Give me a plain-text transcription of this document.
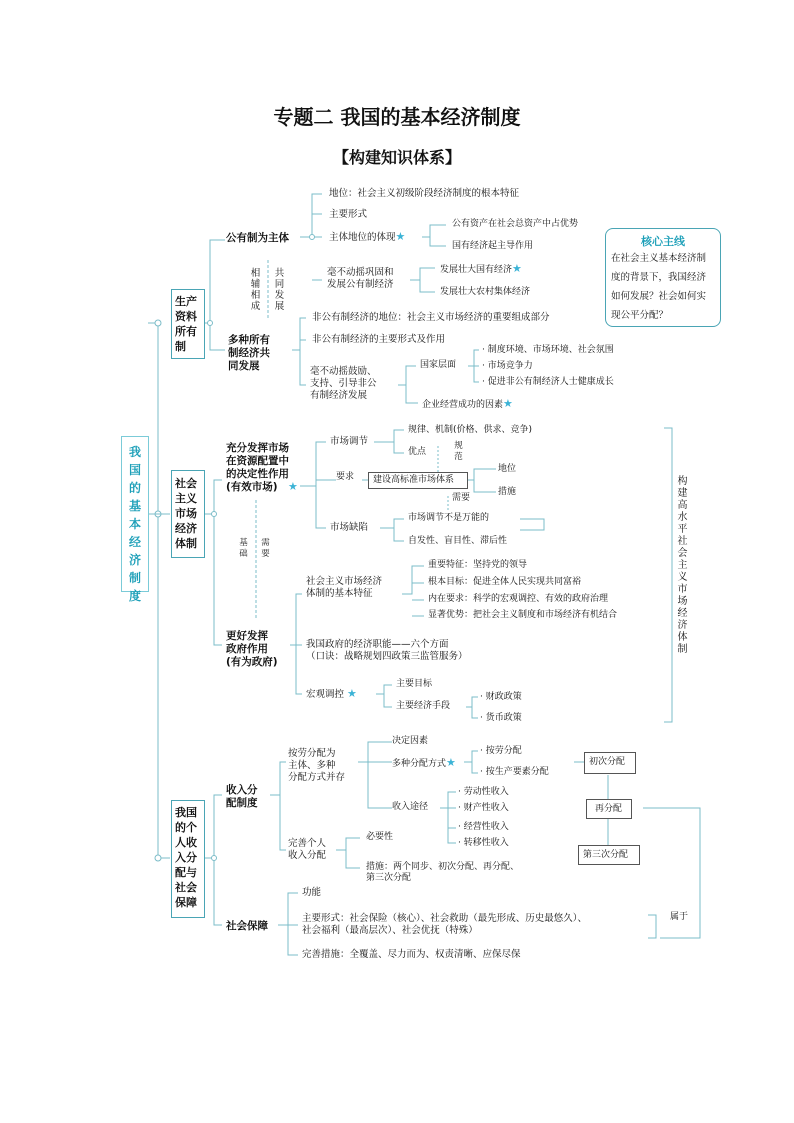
专题二 我国的基本经济制度
【构建知识体系】
我国的基本经济制度
核心主线
在社会主义基本经济制度的背景下，我国经济如何发展？社会如何实现公平分配？
生产资料所有制
公有制为主体
地位：社会主义初级阶段经济制度的根本特征
主要形式
主体地位的体现★
公有资产在社会总资产中占优势
国有经济起主导作用
毫不动摇巩固和
发展公有制经济
发展壮大国有经济★
发展壮大农村集体经济
相辅相成
共同发展
多种所有
制经济共
同发展
非公有制经济的地位：社会主义市场经济的重要组成部分
非公有制经济的主要形式及作用
毫不动摇鼓励、
支持、引导非公
有制经济发展
国家层面
· 制度环境、市场环境、社会氛围
· 市场竞争力
· 促进非公有制经济人士健康成长
企业经营成功的因素★
社会主义市场经济体制
充分发挥市场
在资源配置中
的决定性作用
(有效市场) ★
市场调节
规律、机制(价格、供求、竞争)
优点
规范
要求 建设高标准市场体系
地位
措施
需要
市场缺陷
市场调节不是万能的
自发性、盲目性、滞后性
基础
需要
更好发挥
政府作用
(有为政府)
社会主义市场经济
体制的基本特征
重要特征：坚持党的领导
根本目标：促进全体人民实现共同富裕
内在要求：科学的宏观调控、有效的政府治理
显著优势：把社会主义制度和市场经济有机结合
我国政府的经济职能——六个方面
（口诀：战略规划四政策三监管服务）
宏观调控 ★
主要目标
主要经济手段
· 财政政策
· 货币政策
构建高水平社会主义市场经济体制
我国的个人收入分配与社会保障
收入分
配制度
按劳分配为
主体、多种
分配方式并存
决定因素
多种分配方式★
· 按劳分配
· 按生产要素分配
收入途径
· 劳动性收入
· 财产性收入
· 经营性收入
· 转移性收入
初次分配
再分配
第三次分配
完善个人
收入分配
必要性
措施：两个同步、初次分配、再分配、
第三次分配
社会保障
功能
主要形式：社会保险（核心）、社会救助（最先形成、历史最悠久）、
社会福利（最高层次）、社会优抚（特殊）
属于
完善措施：全覆盖、尽力而为、权责清晰、应保尽保
